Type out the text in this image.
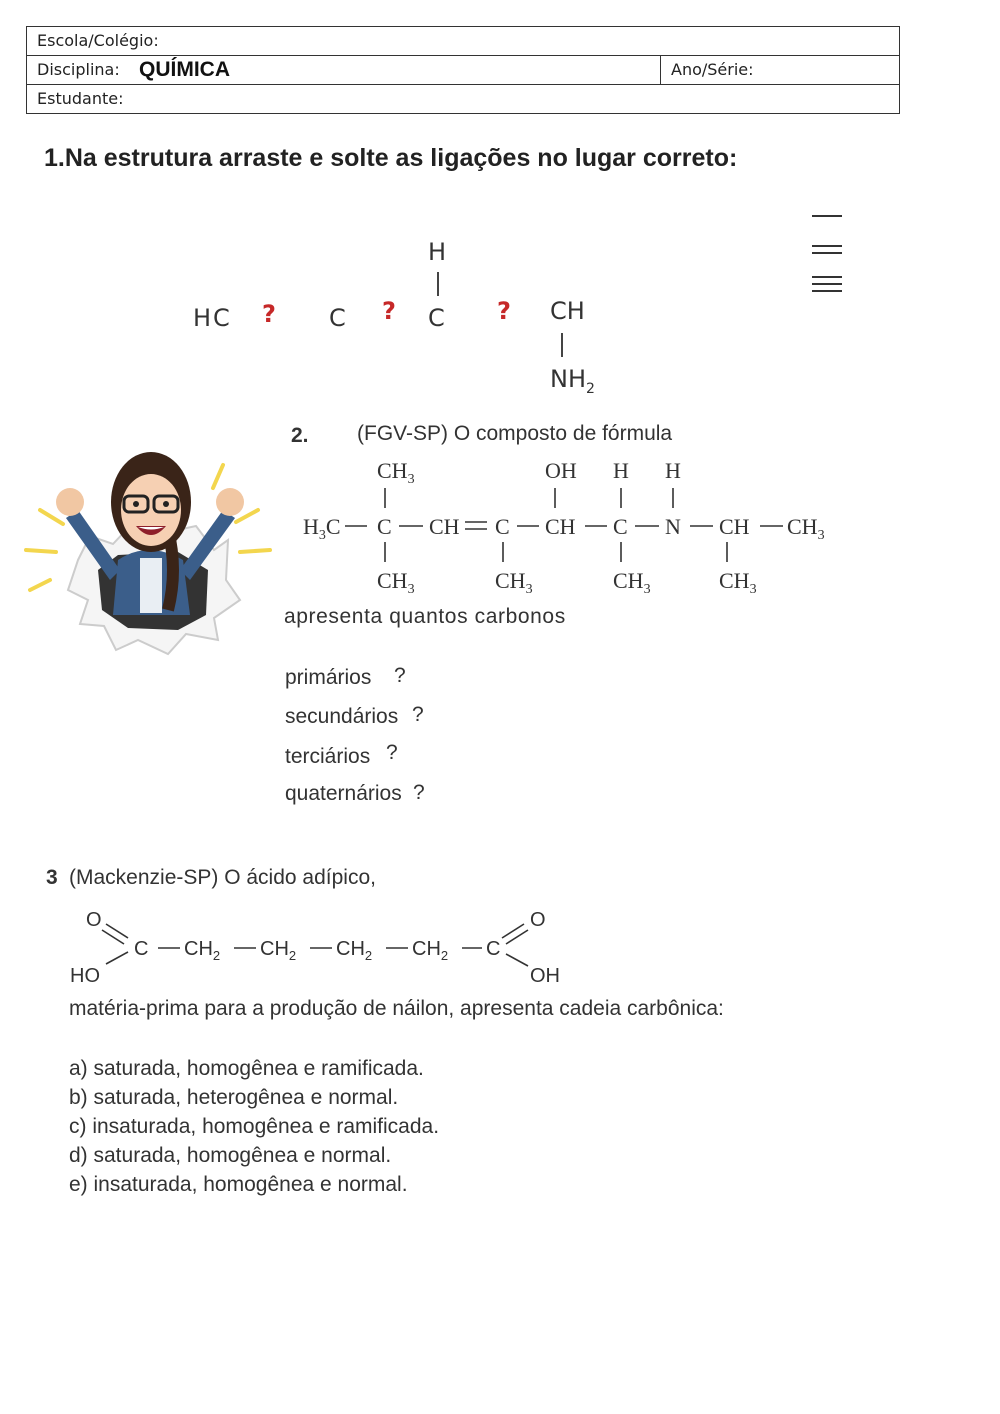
Escola/Colégio:
Disciplina: QUÍMICA	Ano/Série:
Estudante:
1.Na estrutura arraste e solte as ligações no lugar correto:
HC ? C ?
H
C ? CH
$NH_2$
2. (FGV-SP) O composto de fórmula
$CH_3$	OH H H
$H_3C$ C CH C CH C N CH $CH_3$
$CH_3$	$CH_3$	$CH_3$	$CH_3$
apresenta quantos carbonos
primários ?
secundários ?
terciários ?
quaternários ?
3 (Mackenzie-SP) O ácido adípico,
O
C $CH_2$ $CH_2$ $CH_2$ $CH_2$ C
O
HO	OH
matéria-prima para a produção de náilon, apresenta cadeia carbônica:
a) saturada, homogênea e ramificada.
b) saturada, heterogênea e normal.
c) insaturada, homogênea e ramificada.
d) saturada, homogênea e normal.
e) insaturada, homogênea e normal.
